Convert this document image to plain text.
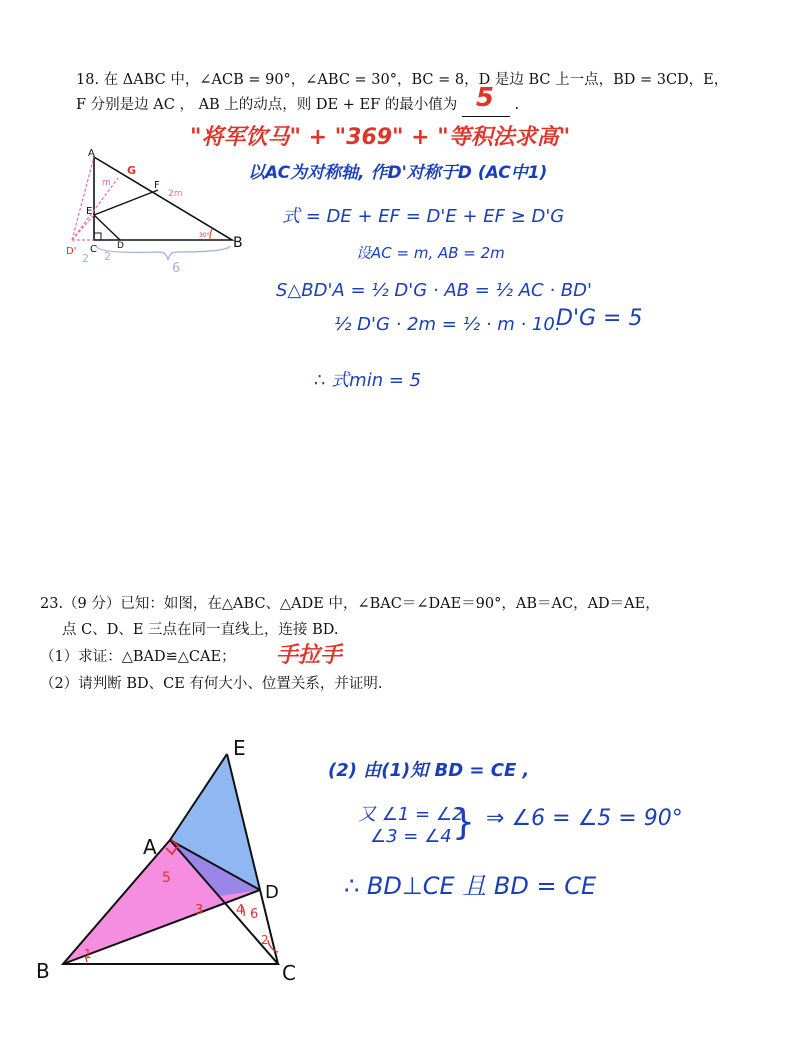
18. 在 ΔABC 中，∠ACB = 90°，∠ABC = 30°，BC = 8，D 是边 BC 上一点，BD = 3CD，E，
F 分别是边 AC ， AB 上的动点，则 DE + EF 的最小值为 5 .
"将军饮马" + "369" + "等积法求高"
以AC为对称轴, 作D'对称于D (AC中1)
式 = DE + EF = D'E + EF ≥ D'G
设AC = m, AB = 2m
S△BD'A = ½ D'G · AB = ½ AC · BD'
½ D'G · 2m = ½ · m · 10.
D'G = 5
∴ 式min = 5
A
G
F
E
D' C D	B
m
2m
30°
2 2
6
23.（9 分）已知：如图，在△ABC、△ADE 中，∠BAC＝∠DAE＝90°，AB＝AC，AD＝AE，
点 C、D、E 三点在同一直线上，连接 BD.
（1）求证：△BAD≌△CAE； 手拉手
（2）请判断 BD、CE 有何大小、位置关系，并证明.
(2) 由(1)知 BD = CE ,
又 ∠1 = ∠2
∠3 = ∠4 } ⇒ ∠6 = ∠5 = 90°
∴ BD⊥CE 且 BD = CE
E
A
D
B	C
1
2
3	4
5
6
